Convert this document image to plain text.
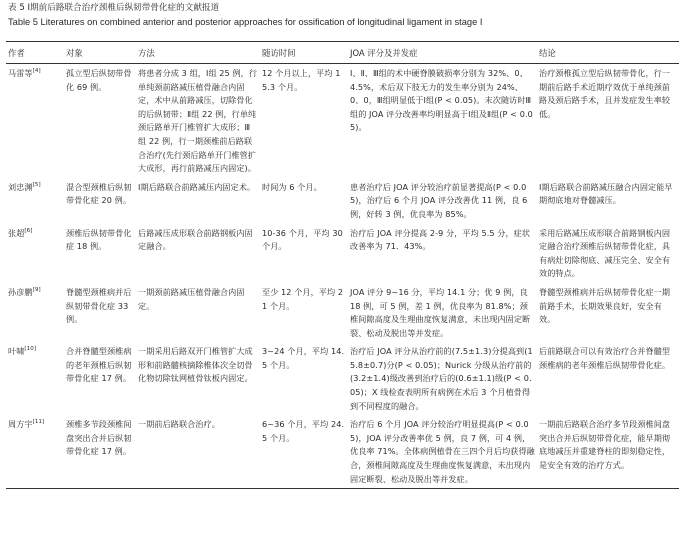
表 5 Ⅰ期前后路联合治疗颈椎后纵韧带骨化症的文献报道
Table 5 Literatures on combined anterior and posterior approaches for ossification of longitudinal ligament in stage I
作者	对象	方法	随访时间	JOA 评分及并发症	结论
马雷等[4]	孤立型后纵韧带骨化 69 例。	将患者分成 3 组，Ⅰ组 25 例，行单纯颈前路减压植骨融合内固定，术中从前路减压，切除骨化的后纵韧带；Ⅱ组 22 例，行单纯颈后路单开门椎管扩大成形；Ⅲ组 22 例，行一期颈椎前后路联合治疗(先行颈后路单开门椎管扩大成形，再行前路减压内固定)。	12 个月以上，平均 15.3 个月。	Ⅰ、Ⅱ、Ⅲ组的术中硬脊膜破损率分别为 32%、0、4.5%，术后双下肢无力的发生率分别为 24%、0、0，Ⅲ组明显低于Ⅰ组(P < 0.05)。末次随访时Ⅲ组的 JOA 评分改善率均明显高于Ⅰ组及Ⅱ组(P < 0.05)。	治疗颈椎孤立型后纵韧带骨化，行一期前后路手术近期疗效优于单纯颈前路及颈后路手术，且并发症发生率较低。
刘忠渊[5]	混合型颈椎后纵韧带骨化症 20 例。	Ⅰ期后路联合前路减压内固定术。	时间为 6 个月。	患者治疗后 JOA 评分较治疗前显著提高(P < 0.05)，治疗后 6 个月 JOA 评分改善优 11 例，良 6 例，好转 3 例，优良率为 85%。	Ⅰ期后路联合前路减压融合内固定能早期彻底地对脊髓减压。
张超[6]	颈椎后纵韧带骨化症 18 例。	后路减压成形联合前路钢板内固定融合。	10-36 个月，平均 30 个月。	治疗后 JOA 评分提高 2-9 分，平均 5.5 分，症状改善率为 71．43%。	采用后路减压成形联合前路钢板内固定融合治疗颈椎后纵韧带骨化症，具有病灶切除彻底、减压完全、安全有效的特点。
孙彦鹏[9]	脊髓型颈椎病并后纵韧带骨化症 33 例。	一期颈前路减压植骨融合内固定。	至少 12 个月，平均 21 个月。	JOA 评分 9~16 分，平均 14.1 分；优 9 例，良 18 例，可 5 例，差 1 例，优良率为 81.8%；颈椎间隙高度及生理曲度恢复满意，未出现内固定断裂、松动及脱出等并发症。	脊髓型颈椎病并后纵韧带骨化症一期前路手术，长期效果良好，安全有效。
叶啸[10]	合并脊髓型颈椎病的老年颈椎后纵韧带骨化症 17 例。	一期采用后路双开门椎管扩大成形和前路髓核摘除椎体次全切骨化物切除钛网植骨钛板内固定。	3~24 个月，平均 14.5 个月。	治疗后 JOA 评分从治疗前的(7.5±1.3)分提高到(15.8±0.7)分(P < 0.05)；Nurick 分级从治疗前的(3.2±1.4)级改善到治疗后的(0.6±1.1)级(P < 0.05)；X 线检查表明所有病例在术后 3 个月植骨得到不同程度的融合。	后前路联合可以有效治疗合并脊髓型颈椎病的老年颈椎后纵韧带骨化症。
周方宇[11]	颈椎多节段颈椎间盘突出合并后纵韧带骨化症 17 例。	一期前后路联合治疗。	6~36 个月，平均 24.5 个月。	治疗后 6 个月 JOA 评分较治疗明显提高(P < 0.05)，JOA 评分改善率优 5 例，良 7 例，可 4 例，优良率 71%。全体病例植骨在三四个月后均获得融合，颈椎间隙高度及生理曲度恢复满意，未出现内固定断裂、松动及脱出等并发症。	一期前后路联合治疗多节段颈椎间盘突出合并后纵韧带骨化症，能早期彻底地减压并重建脊柱的即刻稳定性，是安全有效的治疗方式。
